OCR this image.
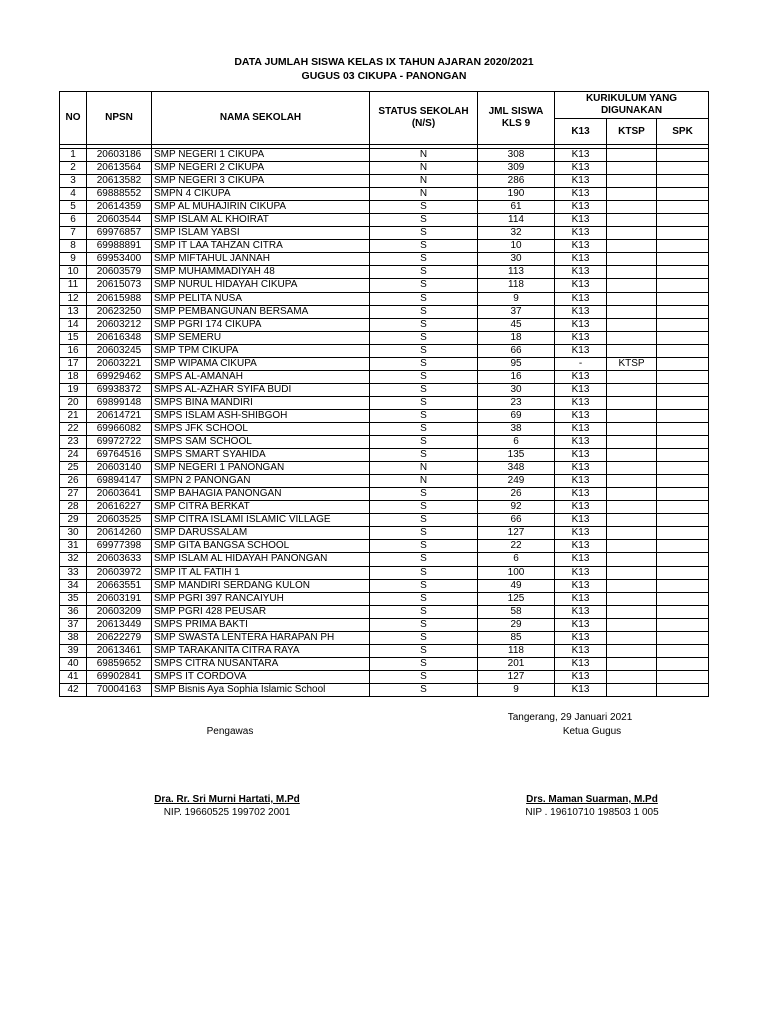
DATA JUMLAH SISWA KELAS IX TAHUN AJARAN 2020/2021
GUGUS 03 CIKUPA - PANONGAN
NO	NPSN	NAMA SEKOLAH	STATUS SEKOLAH (N/S)	JML SISWA KLS 9	KURIKULUM YANG DIGUNAKAN		
					K13	KTSP	SPK

1	20603186	SMP NEGERI 1 CIKUPA	N	308	K13		
2	20613564	SMP NEGERI 2 CIKUPA	N	309	K13		
3	20613582	SMP NEGERI 3 CIKUPA	N	286	K13		
4	69888552	SMPN 4 CIKUPA	N	190	K13		
5	20614359	SMP AL MUHAJIRIN CIKUPA	S	61	K13		
6	20603544	SMP ISLAM AL KHOIRAT	S	114	K13		
7	69976857	SMP ISLAM YABSI	S	32	K13		
8	69988891	SMP IT LAA TAHZAN CITRA	S	10	K13		
9	69953400	SMP MIFTAHUL JANNAH	S	30	K13		
10	20603579	SMP MUHAMMADIYAH 48	S	113	K13		
11	20615073	SMP NURUL HIDAYAH CIKUPA	S	118	K13		
12	20615988	SMP PELITA NUSA	S	9	K13		
13	20623250	SMP PEMBANGUNAN BERSAMA	S	37	K13		
14	20603212	SMP PGRI 174 CIKUPA	S	45	K13		
15	20616348	SMP SEMERU	S	18	K13		
16	20603245	SMP TPM CIKUPA	S	66	K13		
17	20603221	SMP WIPAMA CIKUPA	S	95	-	KTSP	
18	69929462	SMPS AL-AMANAH	S	16	K13		
19	69938372	SMPS AL-AZHAR SYIFA BUDI	S	30	K13		
20	69899148	SMPS BINA MANDIRI	S	23	K13		
21	20614721	SMPS ISLAM ASH-SHIBGOH	S	69	K13		
22	69966082	SMPS JFK SCHOOL	S	38	K13		
23	69972722	SMPS SAM SCHOOL	S	6	K13		
24	69764516	SMPS SMART SYAHIDA	S	135	K13		
25	20603140	SMP NEGERI 1 PANONGAN	N	348	K13		
26	69894147	SMPN 2 PANONGAN	N	249	K13		
27	20603641	SMP BAHAGIA PANONGAN	S	26	K13		
28	20616227	SMP CITRA BERKAT	S	92	K13		
29	20603525	SMP CITRA ISLAMI ISLAMIC VILLAGE	S	66	K13		
30	20614260	SMP DARUSSALAM	S	127	K13		
31	69977398	SMP GITA BANGSA SCHOOL	S	22	K13		
32	20603633	SMP ISLAM AL HIDAYAH PANONGAN	S	6	K13		
33	20603972	SMP IT AL FATIH 1	S	100	K13		
34	20663551	SMP MANDIRI SERDANG KULON	S	49	K13		
35	20603191	SMP PGRI 397 RANCAIYUH	S	125	K13		
36	20603209	SMP PGRI 428 PEUSAR	S	58	K13		
37	20613449	SMPS PRIMA BAKTI	S	29	K13		
38	20622279	SMP SWASTA LENTERA HARAPAN PH	S	85	K13		
39	20613461	SMP TARAKANITA CITRA RAYA	S	118	K13		
40	69859652	SMPS CITRA NUSANTARA	S	201	K13		
41	69902841	SMPS IT CORDOVA	S	127	K13		
42	70004163	SMP Bisnis Aya Sophia Islamic School	S	9	K13		
Tangerang, 29 Januari 2021
Pengawas	Ketua Gugus
Dra. Rr. Sri Murni Hartati, M.Pd
NIP. 19660525 199702 2001
Drs. Maman Suarman, M.Pd
NIP . 19610710 198503 1 005
